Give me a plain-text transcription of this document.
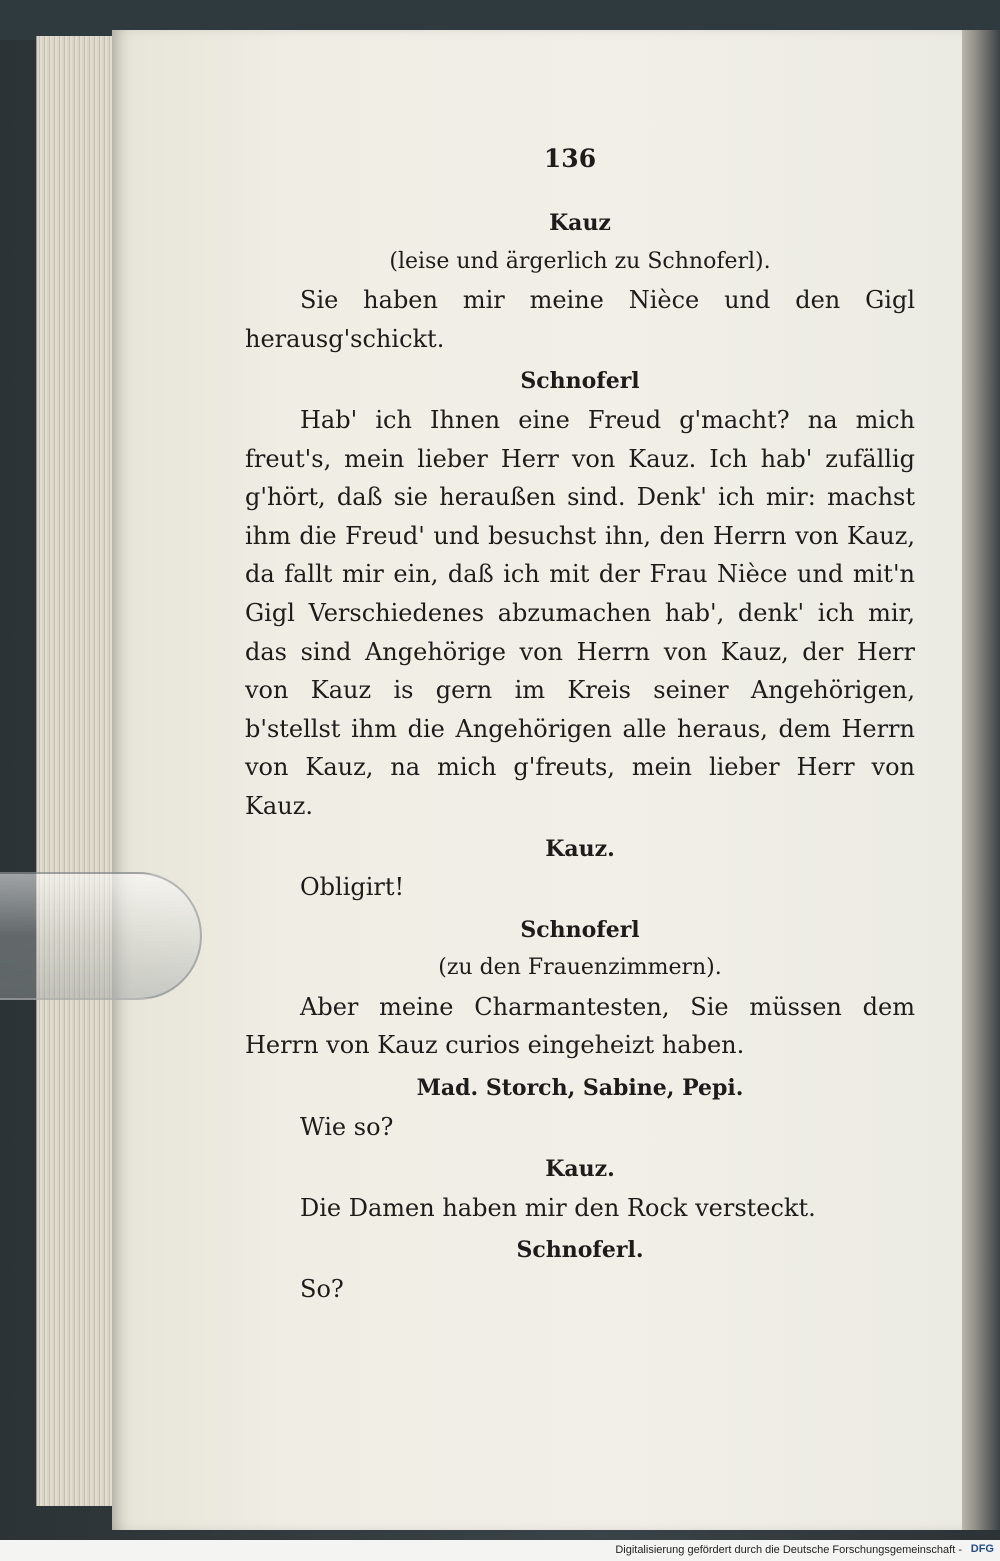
136
Kauz
(leise und ärgerlich zu Schnoferl).
Sie haben mir meine Nièce und den Gigl herausg'schickt.
Schnoferl
Hab' ich Ihnen eine Freud g'macht? na mich freut's, mein lieber Herr von Kauz. Ich hab' zufällig g'hört, daß sie heraußen sind. Denk' ich mir: machst ihm die Freud' und besuchst ihn, den Herrn von Kauz, da fallt mir ein, daß ich mit der Frau Nièce und mit'n Gigl Verschiedenes abzumachen hab', denk' ich mir, das sind Angehörige von Herrn von Kauz, der Herr von Kauz is gern im Kreis seiner Angehörigen, b'stellst ihm die Angehörigen alle heraus, dem Herrn von Kauz, na mich g'freuts, mein lieber Herr von Kauz.
Kauz.
Obligirt!
Schnoferl
(zu den Frauenzimmern).
Aber meine Charmantesten, Sie müssen dem Herrn von Kauz curios eingeheizt haben.
Mad. Storch, Sabine, Pepi.
Wie so?
Kauz.
Die Damen haben mir den Rock versteckt.
Schnoferl.
So?
Digitalisierung gefördert durch die Deutsche Forschungsgemeinschaft - DFG
